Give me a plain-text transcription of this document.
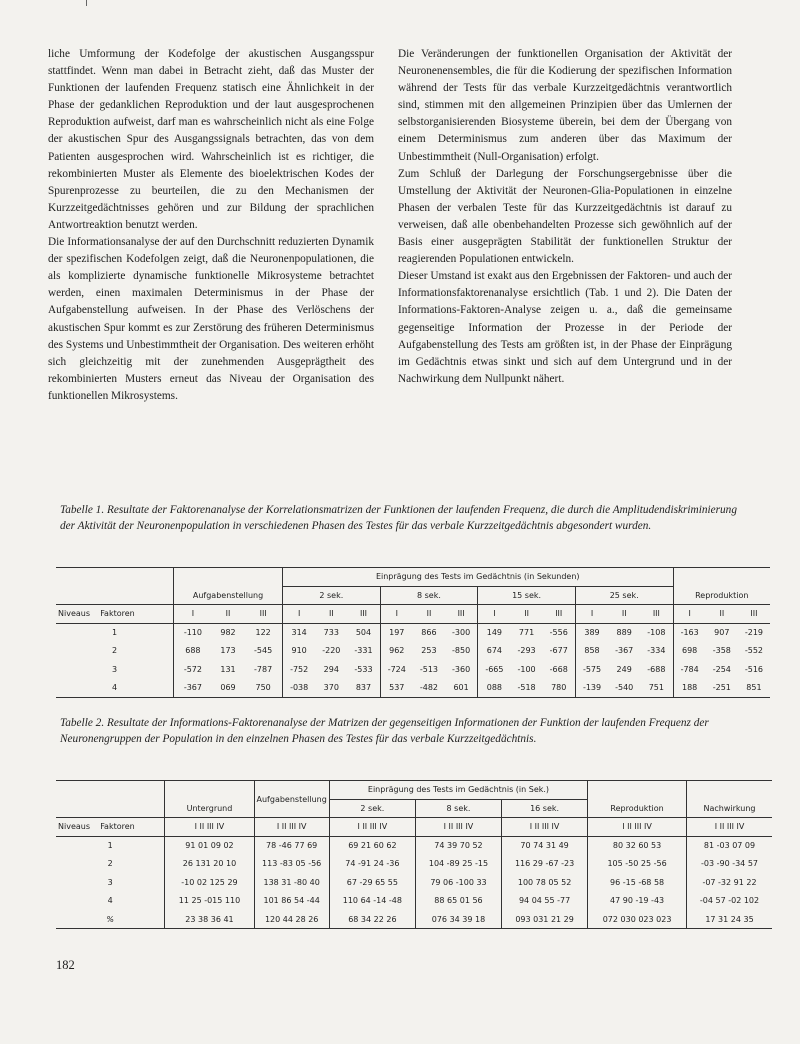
liche Umformung der Kodefolge der akustischen Ausgangsspur stattfindet. Wenn man dabei in Betracht zieht, daß das Muster der Funktionen der laufenden Frequenz statisch eine Ähnlichkeit in der Phase der gedanklichen Reproduktion und der laut ausgesprochenen Reproduktion aufweist, darf man es wahrscheinlich nicht als eine Folge der akustischen Spur des Ausgangssignals betrachten, das von dem Patienten ausgesprochen wird. Wahrscheinlich ist es richtiger, die rekombinierten Muster als Elemente des bioelektrischen Kodes der Spurenprozesse zu beurteilen, die zu den Mechanismen der Kurzzeitgedächtnisses gehören und zur Bildung der sprachlichen Antwortreaktion benutzt werden.

Die Informationsanalyse der auf den Durchschnitt reduzierten Dynamik der spezifischen Kodefolgen zeigt, daß die Neuronenpopulationen, die als komplizierte dynamische funktionelle Mikrosysteme betrachtet werden, einen maximalen Determinismus in der Phase der Aufgabenstellung aufweisen. In der Phase des Verlöschens der akustischen Spur kommt es zur Zerstörung des früheren Determinismus des Systems und Unbestimmtheit der Organisation. Des weiteren erhöht sich gleichzeitig mit der zunehmenden Ausgeprägtheit des rekombinierten Musters erneut das Niveau der Organisation des funktionellen Mikrosystems.

Die Veränderungen der funktionellen Organisation der Aktivität der Neuronenensembles, die für die Kodierung der spezifischen Information während der Tests für das verbale Kurzzeitgedächtnis verantwortlich sind, stimmen mit den allgemeinen Prinzipien über das Umlernen der selbstorganisierenden Biosysteme überein, bei dem der Übergang von einem Determinismus zum anderen über das Maximum der Unbestimmtheit (Null-Organisation) erfolgt.

Zum Schluß der Darlegung der Forschungsergebnisse über die Umstellung der Aktivität der Neuronen-Glia-Populationen in einzelne Phasen der verbalen Teste für das Kurzzeitgedächtnis ist darauf zu verweisen, daß alle obenbehandelten Prozesse sich gewöhnlich auf der Basis einer ausgeprägten Stabilität der funktionellen Struktur der reagierenden Populationen entwickeln.

Dieser Umstand ist exakt aus den Ergebnissen der Faktoren- und auch der Informationsfaktorenanalyse ersichtlich (Tab. 1 und 2). Die Daten der Informations-Faktoren-Analyse zeigen u. a., daß die gemeinsame gegenseitige Information der Prozesse in der Periode der Aufgabenstellung des Tests am größten ist, in der Phase der Einprägung im Gedächtnis etwas sinkt und sich auf dem Untergrund und in der Nachwirkung dem Nullpunkt nähert.

Tabelle 1. Resultate der Faktorenanalyse der Korrelationsmatrizen der Funktionen der laufenden Frequenz, die durch die Amplitudendiskriminierung der Aktivität der Neuronenpopulation in verschiedenen Phasen des Testes für das verbale Kurzzeitgedächtnis abgesondert wurden.
				Einprägung des Tests im Gedächtnis (in Sekunden)														
	Aufgabenstellung			2 sek.			8 sek.			15 sek.			25 sek.			Reproduktion		
Niveaus Faktoren	I	II	III	I	II	III	I	II	III	I	II	III	I	II	III	I	II	III
1	-110	982	122	314	733	504	197	866	-300	149	771	-556	389	889	-108	-163	907	-219
2	688	173	-545	910	-220	-331	962	253	-850	674	-293	-677	858	-367	-334	698	-358	-552
3	-572	131	-787	-752	294	-533	-724	-513	-360	-665	-100	-668	-575	249	-688	-784	-254	-516
4	-367	069	750	-038	370	837	537	-482	601	088	-518	780	-139	-540	751	188	-251	851
Tabelle 2. Resultate der Informations-Faktorenanalyse der Matrizen der gegenseitigen Informationen der Funktion der laufenden Frequenz der Neuronengruppen der Population in den einzelnen Phasen des Testes für das verbale Kurzzeitgedächtnis.
		Aufgabenstellung	Einprägung des Tests im Gedächtnis (in Sek.)				
	Untergrund		2 sek.	8 sek.	16 sek.	Reproduktion	Nachwirkung
Niveaus Faktoren	I II III IV	I II III IV	I II III IV	I II III IV	I II III IV	I II III IV	I II III IV
1	91 01 09 02	78 -46 77 69	69 21 60 62	74 39 70 52	70 74 31 49	80 32 60 53	81 -03 07 09
2	26 131 20 10	113 -83 05 -56	74 -91 24 -36	104 -89 25 -15	116 29 -67 -23	105 -50 25 -56	-03 -90 -34 57
3	-10 02 125 29	138 31 -80 40	67 -29 65 55	79 06 -100 33	100 78 05 52	96 -15 -68 58	-07 -32 91 22
4	11 25 -015 110	101 86 54 -44	110 64 -14 -48	88 65 01 56	94 04 55 -77	47 90 -19 -43	-04 57 -02 102
%	23 38 36 41	120 44 28 26	68 34 22 26	076 34 39 18	093 031 21 29	072 030 023 023	17 31 24 35
182
